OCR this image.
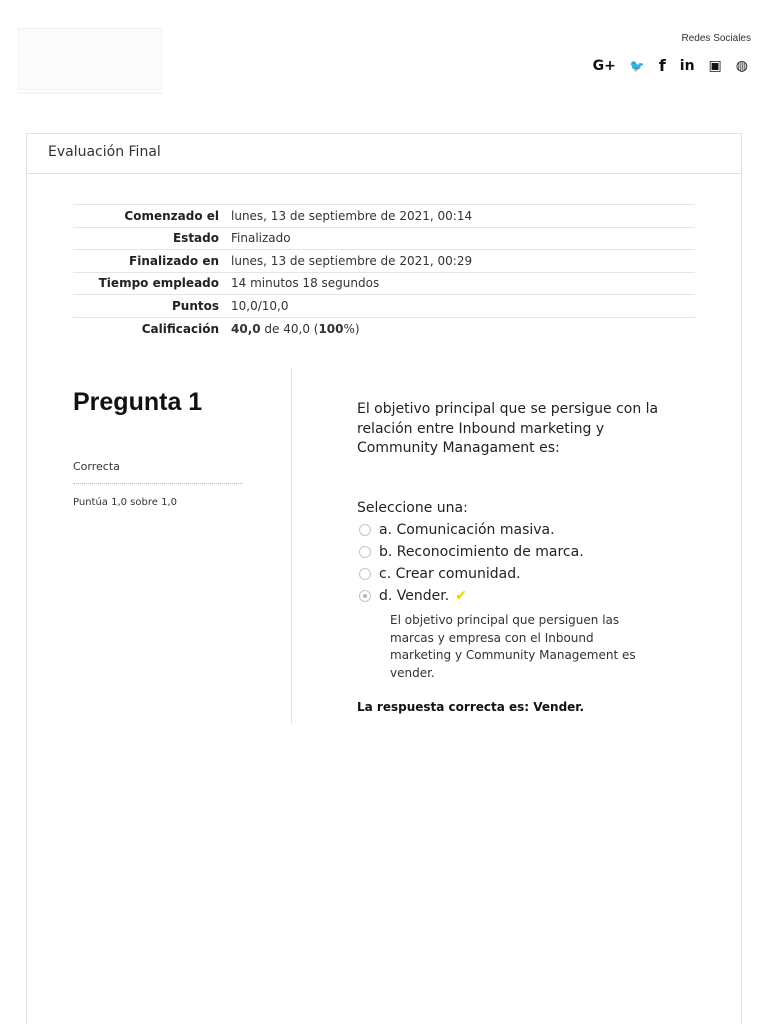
Redes Sociales
G+ 🐦 f in ▣ ◍
Evaluación Final
Comenzado el	lunes, 13 de septiembre de 2021, 00:14
Estado	Finalizado
Finalizado en	lunes, 13 de septiembre de 2021, 00:29
Tiempo empleado	14 minutos 18 segundos
Puntos	10,0/10,0
Calificación	40,0 de 40,0 (100%)
Pregunta 1
Correcta
Puntúa 1,0 sobre 1,0
El objetivo principal que se persigue con la relación entre Inbound marketing y Community Managament es:
Seleccione una:
a. Comunicación masiva.
b. Reconocimiento de marca.
c. Crear comunidad.
d. Vender. ✔
El objetivo principal que persiguen las marcas y empresa con el Inbound marketing y Community Management es vender.
La respuesta correcta es: Vender.
